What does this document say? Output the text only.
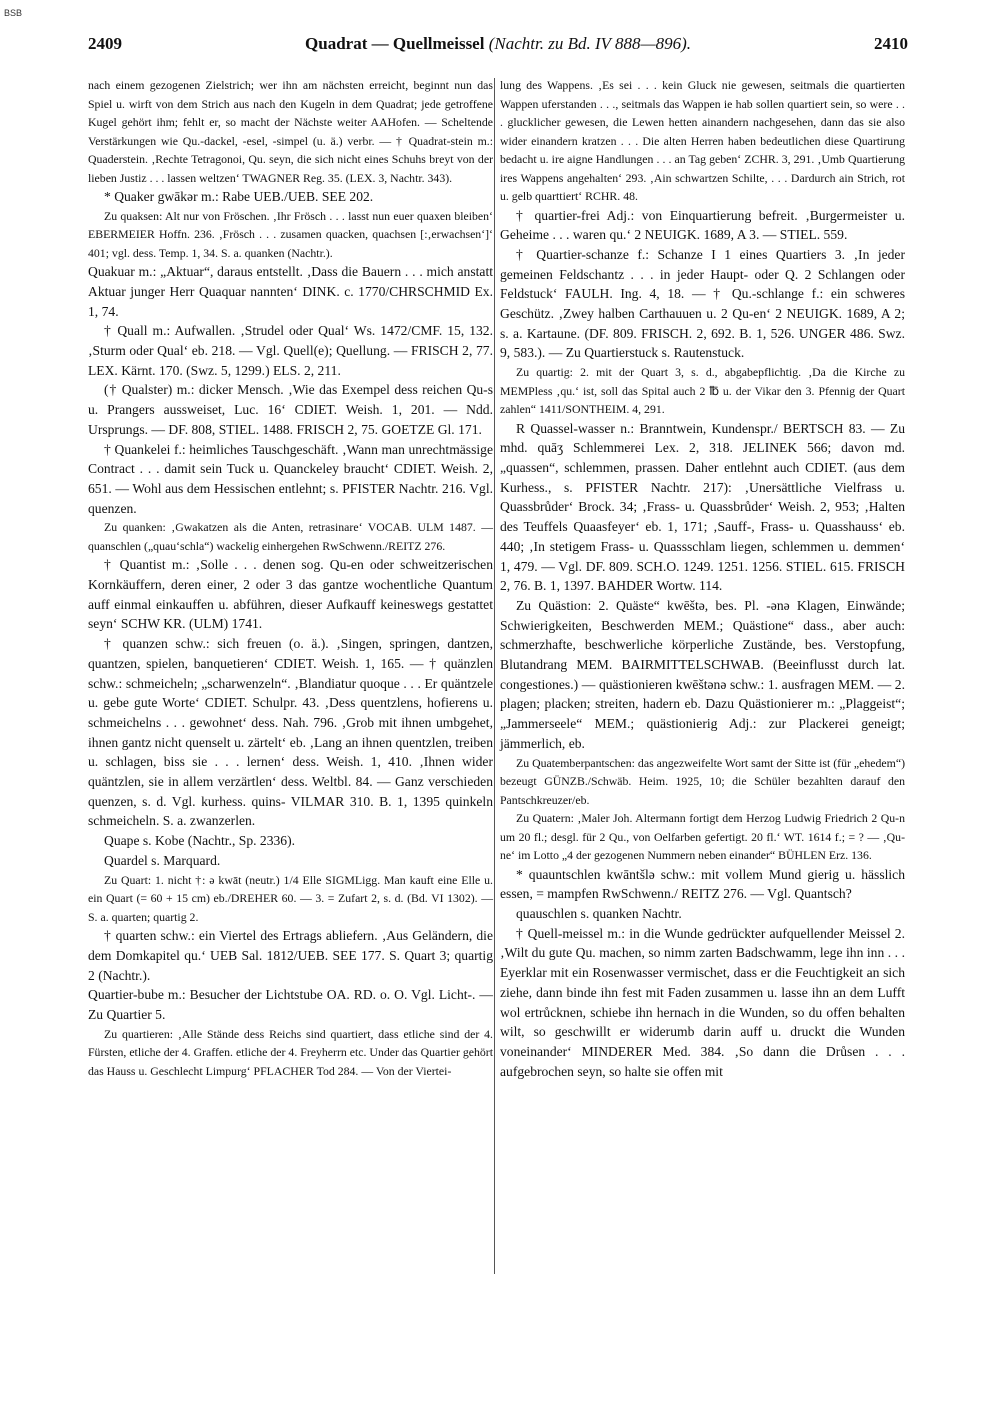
BSB
2409	Quadrat — Quellmeissel (Nachtr. zu Bd. IV 888—896).	2410

nach einem gezogenen Zielstrich; wer ihn am nächsten erreicht, beginnt nun das Spiel u. wirft von dem Strich aus nach den Kugeln in dem Quadrat; jede getroffene Kugel gehört ihm; fehlt er, so macht der Nächste weiter AAHofen. — Scheltende Verstärkungen wie Qu.-dackel, -esel, -simpel (u. ä.) verbr. — † Quadrat-stein m.: Quaderstein. ‚Rechte Tetragonoi, Qu. seyn, die sich nicht eines Schuhs breyt von der lieben Justiz . . . lassen weltzen‘ TWAGNER Reg. 35. (LEX. 3, Nachtr. 343).

* Quaker gwākər m.: Rabe UEB./UEB. SEE 202.

Zu quaksen: Alt nur von Fröschen. ‚Ihr Frösch . . . lasst nun euer quaxen bleiben‘ EBERMEIER Hoffn. 236. ‚Frösch . . . zusamen quacken, quachsen [:‚erwachsen‘]‘ 401; vgl. dess. Temp. 1, 34. S. a. quanken (Nachtr.).

Quakuar m.: „Aktuar“, daraus entstellt. ‚Dass die Bauern . . . mich anstatt Aktuar junger Herr Quaquar nannten‘ DINK. c. 1770/CHRSCHMID Ex. 1, 74.

† Quall m.: Aufwallen. ‚Strudel oder Qual‘ Ws. 1472/CMF. 15, 132. ‚Sturm oder Qual‘ eb. 218. — Vgl. Quell(e); Quellung. — FRISCH 2, 77. LEX. Kärnt. 170. (Swz. 5, 1299.) ELS. 2, 211.

(† Qualster) m.: dicker Mensch. ‚Wie das Exempel dess reichen Qu-s u. Prangers aussweiset, Luc. 16‘ CDIET. Weish. 1, 201. — Ndd. Ursprungs. — DF. 808, STIEL. 1488. FRISCH 2, 75. GOETZE Gl. 171.

† Quankelei f.: heimliches Tauschgeschäft. ‚Wann man unrechtmässige Contract . . . damit sein Tuck u. Quanckeley braucht‘ CDIET. Weish. 2, 651. — Wohl aus dem Hessischen entlehnt; s. PFISTER Nachtr. 216. Vgl. quenzen.

Zu quanken: ‚Gwakatzen als die Anten, retrasinare‘ VOCAB. ULM 1487. — quanschlen („quau‘schla“) wackelig einhergehen RwSchwenn./REITZ 276.

† Quantist m.: ‚Solle . . . denen sog. Qu-en oder schweitzerischen Kornkäuffern, deren einer, 2 oder 3 das gantze wochentliche Quantum auff einmal einkauffen u. abführen, dieser Aufkauff keineswegs gestattet seyn‘ SCHW KR. (ULM) 1741.

† quanzen schw.: sich freuen (o. ä.). ‚Singen, springen, dantzen, quantzen, spielen, banquetieren‘ CDIET. Weish. 1, 165. — † quänzlen schw.: schmeicheln; „scharwenzeln“. ‚Blandiatur quoque . . . Er quäntzele u. gebe gute Worte‘ CDIET. Schulpr. 43. ‚Dess quentzlens, hofierens u. schmeichelns . . . gewohnet‘ dess. Nah. 796. ‚Grob mit ihnen umbgehet, ihnen gantz nicht quenselt u. zärtelt‘ eb. ‚Lang an ihnen quentzlen, treiben u. schlagen, biss sie . . . lernen‘ dess. Weish. 1, 410. ‚Ihnen wider quäntzlen, sie in allem verzärtlen‘ dess. Weltbl. 84. — Ganz verschieden quenzen, s. d. Vgl. kurhess. quins- VILMAR 310. B. 1, 1395 quinkeln schmeicheln. S. a. zwanzerlen.

Quape s. Kobe (Nachtr., Sp. 2336).

Quardel s. Marquard.

Zu Quart: 1. nicht †: ə kwāt (neutr.) 1/4 Elle SIGMLigg. Man kauft eine Elle u. ein Quart (= 60 + 15 cm) eb./DREHER 60. — 3. = Zufart 2, s. d. (Bd. VI 1302). — S. a. quarten; quartig 2.

† quarten schw.: ein Viertel des Ertrags abliefern. ‚Aus Geländern, die dem Domkapitel qu.‘ UEB Sal. 1812/UEB. SEE 177. S. Quart 3; quartig 2 (Nachtr.).

Quartier-bube m.: Besucher der Lichtstube OA. RD. o. O. Vgl. Licht-. — Zu Quartier 5.

Zu quartieren: ‚Alle Stände dess Reichs sind quartiert, dass etliche sind der 4. Fürsten, etliche der 4. Graffen. etliche der 4. Freyherrn etc. Under das Quartier gehört das Hauss u. Geschlecht Limpurg‘ PFLACHER Tod 284. — Von der Viertei-

lung des Wappens. ‚Es sei . . . kein Gluck nie gewesen, seitmals die quartierten Wappen uferstanden . . ., seitmals das Wappen ie hab sollen quartiert sein, so were . . . glucklicher gewesen, die Lewen hetten ainandern nachgesehen, dann das sie also wider einandern kratzen . . . Die alten Herren haben bedeutlichen diese Quartirung bedacht u. ire aigne Handlungen . . . an Tag geben‘ ZCHR. 3, 291. ‚Umb Quartierung ires Wappens angehalten‘ 293. ‚Ain schwartzen Schilte, . . . Dardurch ain Strich, rot u. gelb quarttiert‘ RCHR. 48.

† quartier-frei Adj.: von Einquartierung befreit. ‚Burgermeister u. Geheime . . . waren qu.‘ 2 NEUIGK. 1689, A 3. — STIEL. 559.

† Quartier-schanze f.: Schanze I 1 eines Quartiers 3. ‚In jeder gemeinen Feldschantz . . . in jeder Haupt- oder Q. 2 Schlangen oder Feldstuck‘ FAULH. Ing. 4, 18. — † Qu.-schlange f.: ein schweres Geschütz. ‚Zwey halben Carthauuen u. 2 Qu-en‘ 2 NEUIGK. 1689, A 2; s. a. Kartaune. (DF. 809. FRISCH. 2, 692. B. 1, 526. UNGER 486. Swz. 9, 583.). — Zu Quartierstuck s. Rautenstuck.

Zu quartig: 2. mit der Quart 3, s. d., abgabepflichtig. ‚Da die Kirche zu MEMPless ‚qu.‘ ist, soll das Spital auch 2 ℔ u. der Vikar den 3. Pfennig der Quart zahlen“ 1411/SONTHEIM. 4, 291.

R Quassel-wasser n.: Branntwein, Kundenspr./ BERTSCH 83. — Zu mhd. quāʒ Schlemmerei Lex. 2, 318. JELINEK 566; davon md. „quassen“, schlemmen, prassen. Daher entlehnt auch CDIET. (aus dem Kurhess., s. PFISTER Nachtr. 217): ‚Unersättliche Vielfrass u. Quassbrůder‘ Brock. 34; ‚Frass- u. Quassbrůder‘ Weish. 2, 953; ‚Halten des Teuffels Quaasfeyer‘ eb. 1, 171; ‚Sauff-, Frass- u. Quasshauss‘ eb. 440; ‚In stetigem Frass- u. Quassschlam liegen, schlemmen u. demmen‘ 1, 479. — Vgl. DF. 809. SCH.O. 1249. 1251. 1256. STIEL. 615. FRISCH 2, 76. B. 1, 1397. BAHDER Wortw. 114.

Zu Quästion: 2. Quäste“ kwēštə, bes. Pl. -ənə Klagen, Einwände; Schwierigkeiten, Beschwerden MEM.; Quästione“ dass., aber auch: schmerzhafte, beschwerliche körperliche Zustände, bes. Verstopfung, Blutandrang MEM. BAIRMITTELSCHWAB. (Beeinflusst durch lat. congestiones.) — quästionieren kwēštənə schw.: 1. ausfragen MEM. — 2. plagen; placken; streiten, hadern eb. Dazu Quästionierer m.: „Plaggeist“; „Jammerseele“ MEM.; quästionierig Adj.: zur Plackerei geneigt; jämmerlich, eb.

Zu Quatemberpantschen: das angezweifelte Wort samt der Sitte ist (für „ehedem“) bezeugt GÜNZB./Schwäb. Heim. 1925, 10; die Schüler bezahlten darauf den Pantschkreuzer/eb.

Zu Quatern: ‚Maler Joh. Altermann fortigt dem Herzog Ludwig Friedrich 2 Qu-n um 20 fl.; desgl. für 2 Qu., von Oelfarben gefertigt. 20 fl.‘ WT. 1614 f.; = ? — ‚Qu-ne‘ im Lotto „4 der gezogenen Nummern neben einander“ BÜHLEN Erz. 136.

* quauntschlen kwāntšlə schw.: mit vollem Mund gierig u. hässlich essen, = mampfen RwSchwenn./ REITZ 276. — Vgl. Quantsch?

quauschlen s. quanken Nachtr.

† Quell-meissel m.: in die Wunde gedrückter aufquellender Meissel 2. ‚Wilt du gute Qu. machen, so nimm zarten Badschwamm, lege ihn inn . . . Eyerklar mit ein Rosenwasser vermischet, dass er die Feuchtigkeit an sich ziehe, dann binde ihn fest mit Faden zusammen u. lasse ihn an dem Lufft wol ertrůcknen, schiebe ihn hernach in die Wunden, so du offen behalten wilt, so geschwillt er widerumb darin auff u. druckt die Wunden voneinander‘ MINDERER Med. 384. ‚So dann die Drůsen . . . aufgebrochen seyn, so halte sie offen mit
